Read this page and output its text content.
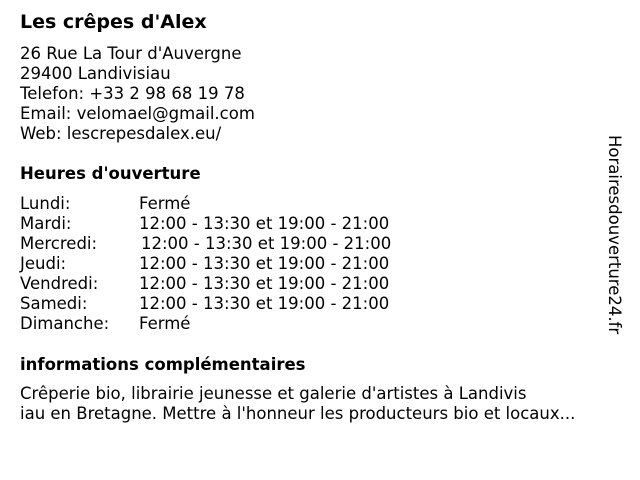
Les crêpes d'Alex
26 Rue La Tour d'Auvergne
29400 Landivisiau
Telefon: +33 2 98 68 19 78
Email: velomael@gmail.com
Web: lescrepesdalex.eu/
Heures d'ouverture
Lundi:	Fermé
Mardi:	12:00 - 13:30 et 19:00 - 21:00
Mercredi:	12:00 - 13:30 et 19:00 - 21:00
Jeudi:	12:00 - 13:30 et 19:00 - 21:00
Vendredi:	12:00 - 13:30 et 19:00 - 21:00
Samedi:	12:00 - 13:30 et 19:00 - 21:00
Dimanche:	Fermé
informations complémentaires
Crêperie bio, librairie jeunesse et galerie d'artistes à Landivis
iau en Bretagne. Mettre à l'honneur les producteurs bio et locaux...
Horairesdouverture24.fr
